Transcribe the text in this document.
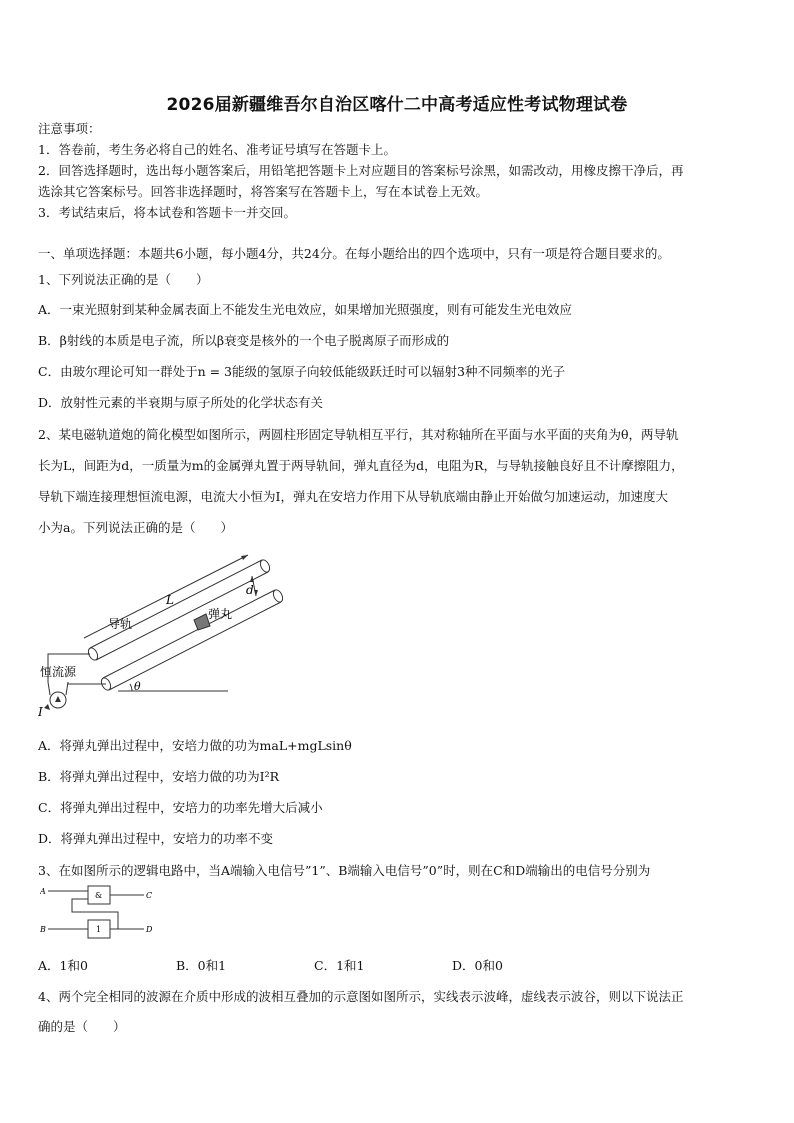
2026届新疆维吾尔自治区喀什二中高考适应性考试物理试卷
注意事项：
1．答卷前，考生务必将自己的姓名、准考证号填写在答题卡上。
2．回答选择题时，选出每小题答案后，用铅笔把答题卡上对应题目的答案标号涂黑，如需改动，用橡皮擦干净后，再
选涂其它答案标号。回答非选择题时，将答案写在答题卡上，写在本试卷上无效。
3．考试结束后，将本试卷和答题卡一并交回。
一、单项选择题：本题共6小题，每小题4分，共24分。在每小题给出的四个选项中，只有一项是符合题目要求的。
1、下列说法正确的是（　　）
A．一束光照射到某种金属表面上不能发生光电效应，如果增加光照强度，则有可能发生光电效应
B．β射线的本质是电子流，所以β衰变是核外的一个电子脱离原子而形成的
C．由玻尔理论可知一群处于n = 3能级的氢原子向较低能级跃迁时可以辐射3种不同频率的光子
D．放射性元素的半衰期与原子所处的化学状态有关
2、某电磁轨道炮的简化模型如图所示，两圆柱形固定导轨相互平行，其对称轴所在平面与水平面的夹角为θ，两导轨
长为L，间距为d，一质量为m的金属弹丸置于两导轨间，弹丸直径为d，电阻为R，与导轨接触良好且不计摩擦阻力，
导轨下端连接理想恒流电源，电流大小恒为I，弹丸在安培力作用下从导轨底端由静止开始做匀加速运动，加速度大
小为a。下列说法正确的是（　　）
L
d
导轨
弹丸
恒流源
θ
I
A．将弹丸弹出过程中，安培力做的功为maL+mgLsinθ
B．将弹丸弹出过程中，安培力做的功为I²R
C．将弹丸弹出过程中，安培力的功率先增大后减小
D．将弹丸弹出过程中，安培力的功率不变
3、在如图所示的逻辑电路中，当A端输入电信号”1”、B端输入电信号”0”时，则在C和D端输出的电信号分别为
A
B
C
D
&
1
A．1和0	B．0和1	C．1和1	D．0和0
4、两个完全相同的波源在介质中形成的波相互叠加的示意图如图所示，实线表示波峰，虚线表示波谷，则以下说法正
确的是（　　）
